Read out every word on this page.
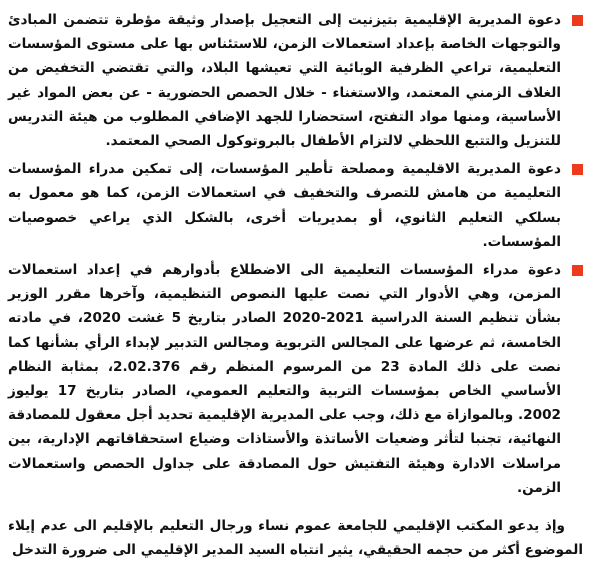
دعوة المديرية الإقليمية بتيزنيت إلى التعجيل بإصدار وثيقة مؤطرة تتضمن المبادئ والتوجهات الخاصة بإعداد استعمالات الزمن، للاستئناس بها على مستوى المؤسسات التعليمية، تراعي الظرفية الوبائية التي تعيشها البلاد، والتي تقتضي التخفيض من الغلاف الزمني المعتمد، والاستغناء - خلال الحصص الحضورية - عن بعض المواد غير الأساسية، ومنها مواد التفتح، استحضارا للجهد الإضافي المطلوب من هيئة التدريس للتنزيل والتتبع اللحظي لالتزام الأطفال بالبروتوكول الصحي المعتمد.

دعوة المديرية الاقليمية ومصلحة تأطير المؤسسات، إلى تمكين مدراء المؤسسات التعليمية من هامش للتصرف والتخفيف في استعمالات الزمن، كما هو معمول به بسلكي التعليم الثانوي، أو بمديريات أخرى، بالشكل الذي يراعي خصوصيات المؤسسات.

دعوة مدراء المؤسسات التعليمية الى الاضطلاع بأدوارهم في إعداد استعمالات المزمن، وهي الأدوار التي نصت عليها النصوص التنظيمية، وآخرها مقرر الوزير بشأن تنظيم السنة الدراسية 2021-2020 الصادر بتاريخ 5 غشت 2020، في مادته الخامسة، ثم عرضها على المجالس التربوية ومجالس التدبير لإبداء الرأي بشأنها كما نصت على ذلك المادة 23 من المرسوم المنظم رقم 2.02.376، بمثابة النظام الأساسي الخاص بمؤسسات التربية والتعليم العمومي، الصادر بتاريخ 17 يوليوز 2002. وبالموازاة مع ذلك، وجب على المديرية الإقليمية تحديد أجل معقول للمصادقة النهائية، تجنبا لتأثر وضعيات الأساتذة والأستاذات وضياع استحقاقاتهم الإدارية، بين مراسلات الادارة وهيئة التفتيش حول المصادقة على جداول الحصص واستعمالات الزمن.

وإذ يدعو المكتب الإقليمي للجامعة عموم نساء ورجال التعليم بالإقليم الى عدم إيلاء الموضوع أكثر من حجمه الحقيقي، يثير انتباه السيد المدير الإقليمي الى ضرورة التدخل
